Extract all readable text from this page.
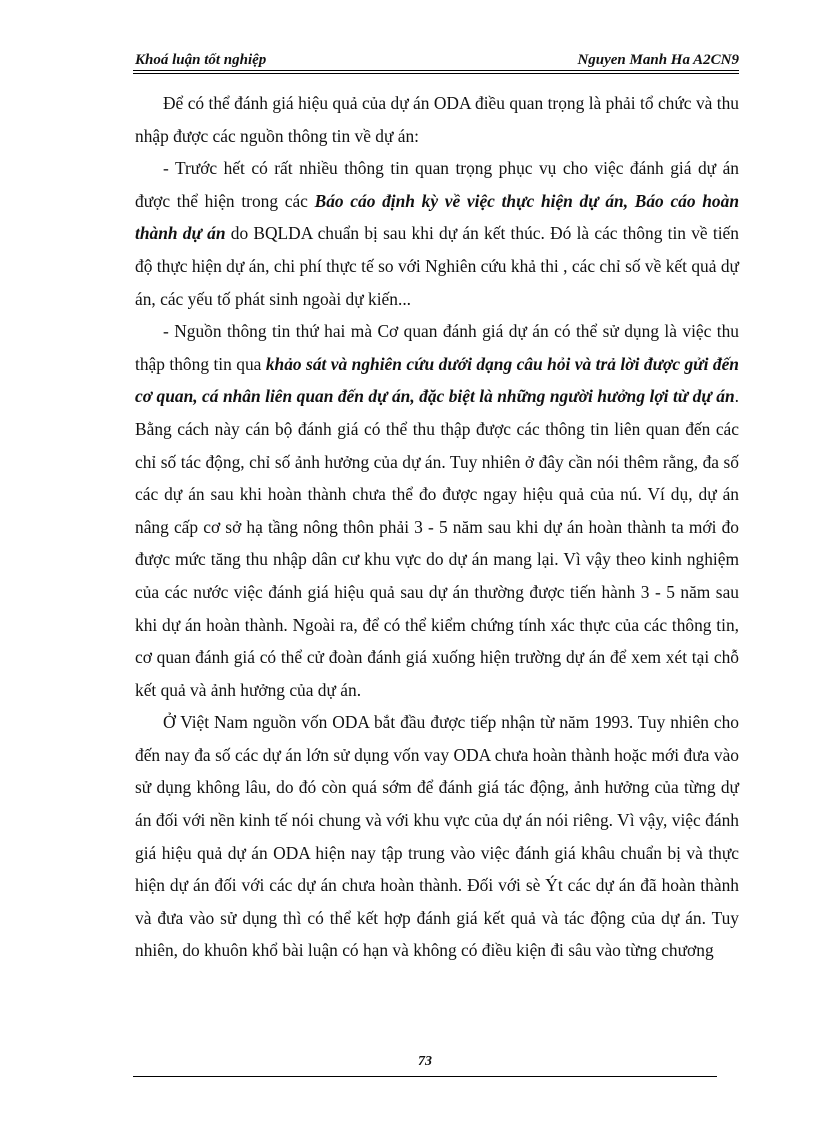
Khoá luận tốt nghiệp	Nguyen Manh Ha A2CN9

Để có thể đánh giá hiệu quả của dự án ODA điều quan trọng là phải tổ chức và thu nhập được các nguồn thông tin về dự án:

- Trước hết có rất nhiều thông tin quan trọng phục vụ cho việc đánh giá dự án được thể hiện trong các Báo cáo định kỳ về việc thực hiện dự án, Báo cáo hoàn thành dự án do BQLDA chuẩn bị sau khi dự án kết thúc. Đó là các thông tin về tiến độ thực hiện dự án, chi phí thực tế so với Nghiên cứu khả thi , các chỉ số về kết quả dự án, các yếu tố phát sinh ngoài dự kiến...

- Nguồn thông tin thứ hai mà Cơ quan đánh giá dự án có thể sử dụng là việc thu thập thông tin qua khảo sát và nghiên cứu dưới dạng câu hỏi và trả lời được gửi đến cơ quan, cá nhân liên quan đến dự án, đặc biệt là những người hưởng lợi từ dự án. Bằng cách này cán bộ đánh giá có thể thu thập được các thông tin liên quan đến các chỉ số tác động, chỉ số ảnh hưởng của dự án. Tuy nhiên ở đây cần nói thêm rằng, đa số các dự án sau khi hoàn thành chưa thể đo được ngay hiệu quả của nú. Ví dụ, dự án nâng cấp cơ sở hạ tầng nông thôn phải 3 - 5 năm sau khi dự án hoàn thành ta mới đo được mức tăng thu nhập dân cư khu vực do dự án mang lại. Vì vậy theo kinh nghiệm của các nước việc đánh giá hiệu quả sau dự án thường được tiến hành 3 - 5 năm sau khi dự án hoàn thành. Ngoài ra, để có thể kiểm chứng tính xác thực của các thông tin, cơ quan đánh giá có thể cử đoàn đánh giá xuống hiện trường dự án để xem xét tại chỗ kết quả và ảnh hưởng của dự án.

Ở Việt Nam nguồn vốn ODA bắt đầu được tiếp nhận từ năm 1993. Tuy nhiên cho đến nay đa số các dự án lớn sử dụng vốn vay ODA chưa hoàn thành hoặc mới đưa vào sử dụng không lâu, do đó còn quá sớm để đánh giá tác động, ảnh hưởng của từng dự án đối với nền kinh tế nói chung và với khu vực của dự án nói riêng. Vì vậy, việc đánh giá hiệu quả dự án ODA hiện nay tập trung vào việc đánh giá khâu chuẩn bị và thực hiện dự án đối với các dự án chưa hoàn thành. Đối với sè Ýt các dự án đã hoàn thành và đưa vào sử dụng thì có thể kết hợp đánh giá kết quả và tác động của dự án. Tuy nhiên, do khuôn khổ bài luận có hạn và không có điều kiện đi sâu vào từng chương

73
